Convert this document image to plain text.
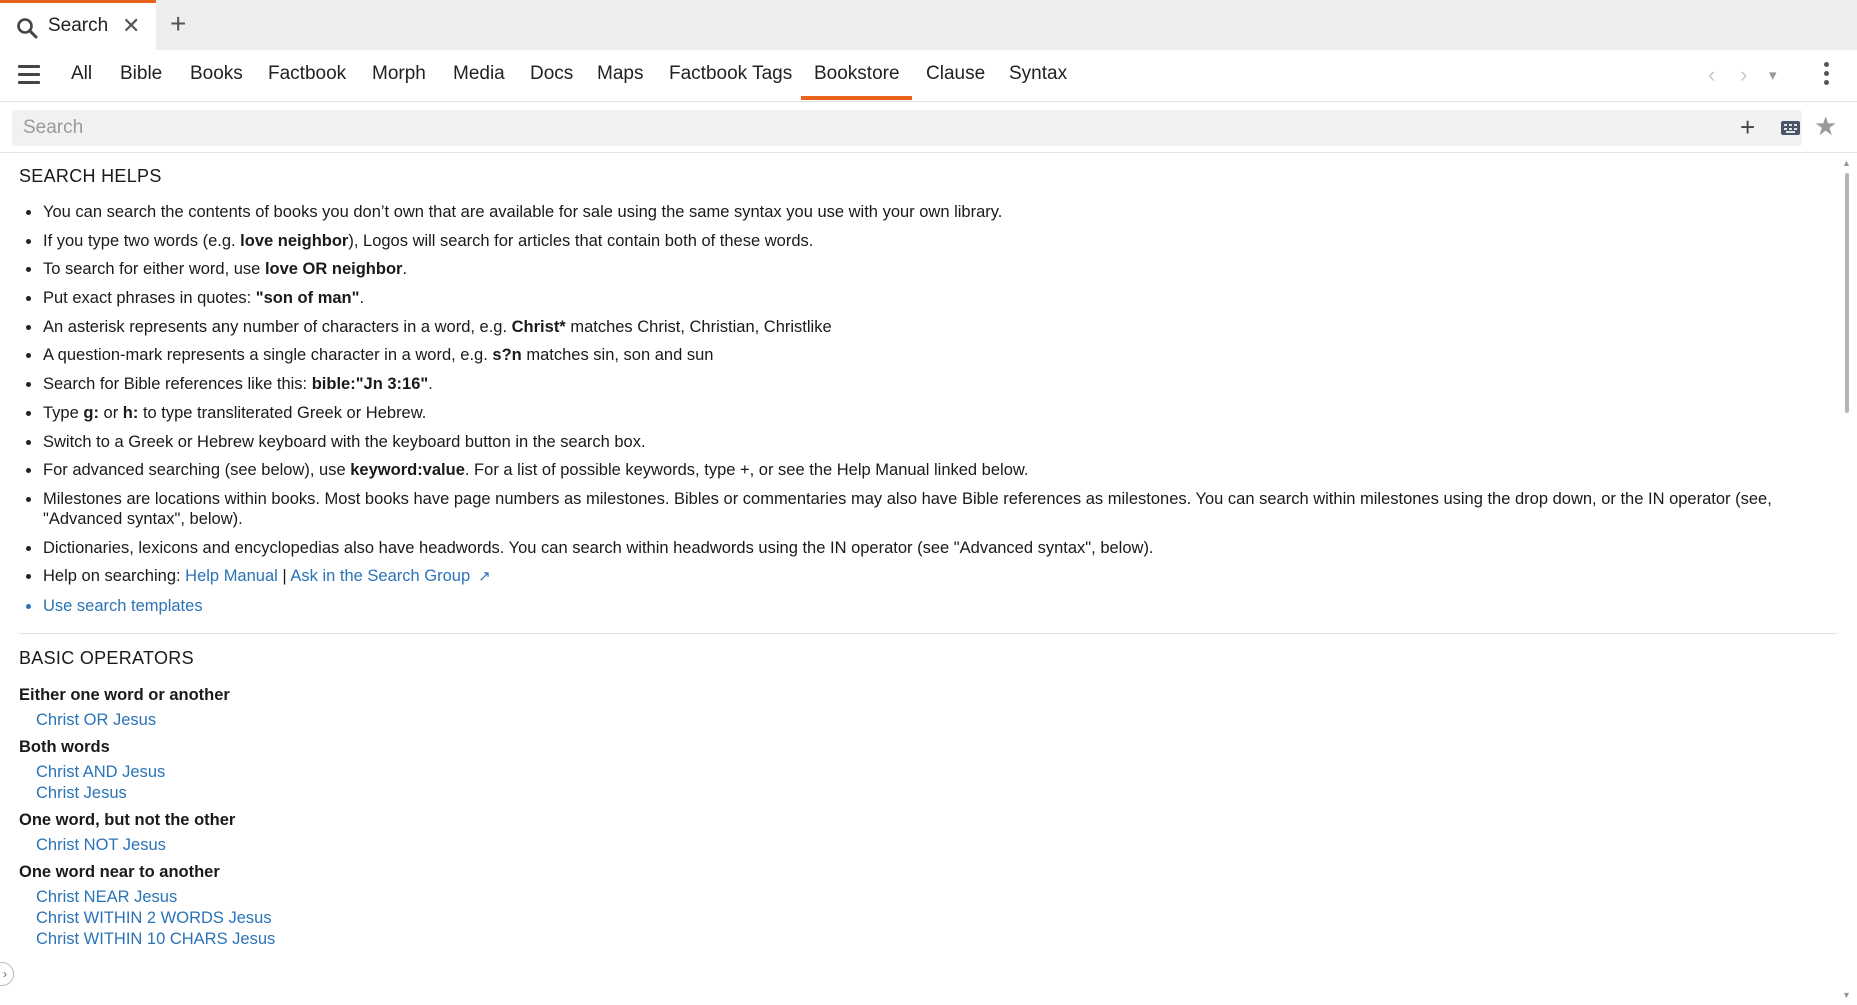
Search ✕ +
All Bible Books Factbook Morph Media Docs Maps Factbook Tags Bookstore Clause Syntax	‹ › ▾
Search
+ ★
SEARCH HELPS
You can search the contents of books you don’t own that are available for sale using the same syntax you use with your own library.
If you type two words (e.g. love neighbor), Logos will search for articles that contain both of these words.
To search for either word, use love OR neighbor.
Put exact phrases in quotes: "son of man".
An asterisk represents any number of characters in a word, e.g. Christ* matches Christ, Christian, Christlike
A question-mark represents a single character in a word, e.g. s?n matches sin, son and sun
Search for Bible references like this: bible:"Jn 3:16".
Type g: or h: to type transliterated Greek or Hebrew.
Switch to a Greek or Hebrew keyboard with the keyboard button in the search box.
For advanced searching (see below), use keyword:value. For a list of possible keywords, type +, or see the Help Manual linked below.
Milestones are locations within books. Most books have page numbers as milestones. Bibles or commentaries may also have Bible references as milestones. You can search within milestones using the drop down, or the IN operator (see, "Advanced syntax", below).
Dictionaries, lexicons and encyclopedias also have headwords. You can search within headwords using the IN operator (see "Advanced syntax", below).
Help on searching: Help Manual | Ask in the Search Group ↗
Use search templates
BASIC OPERATORS
Either one word or another
Christ OR Jesus
Both words
Christ AND Jesus
Christ Jesus
One word, but not the other
Christ NOT Jesus
One word near to another
Christ NEAR Jesus
Christ WITHIN 2 WORDS Jesus
Christ WITHIN 10 CHARS Jesus
▲
▼
›
